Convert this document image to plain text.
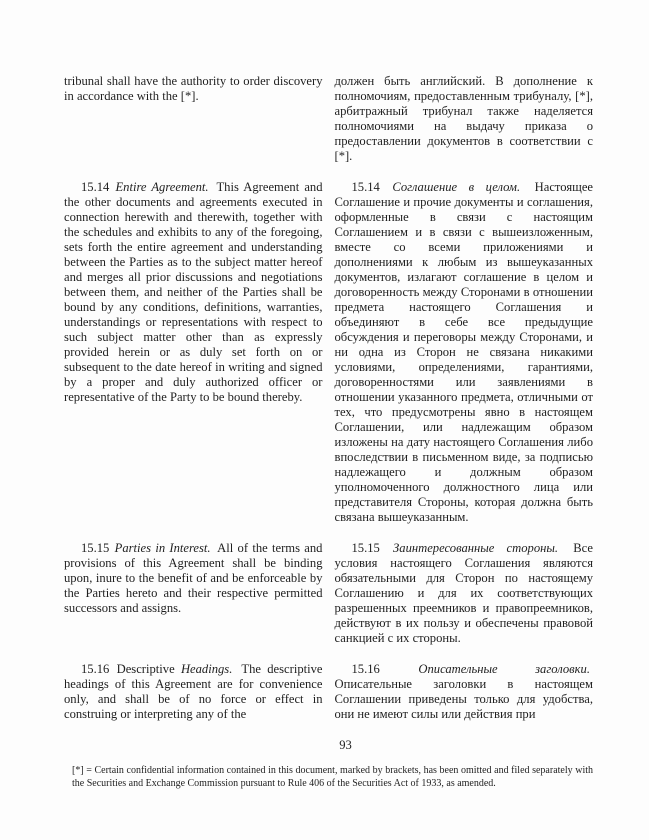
tribunal shall have the authority to order discovery in accordance with the [*].

должен быть английский. В дополнение к полномочиям, предоставленным трибуналу, [*], арбитражный трибунал также наделяется полномочиями на выдачу приказа о предоставлении документов в соответствии с [*].

15.14 Entire Agreement. This Agreement and the other documents and agreements executed in connection herewith and therewith, together with the schedules and exhibits to any of the foregoing, sets forth the entire agreement and understanding between the Parties as to the subject matter hereof and merges all prior discussions and negotiations between them, and neither of the Parties shall be bound by any conditions, definitions, warranties, understandings or representations with respect to such subject matter other than as expressly provided herein or as duly set forth on or subsequent to the date hereof in writing and signed by a proper and duly authorized officer or representative of the Party to be bound thereby.

15.14 Соглашение в целом. Настоящее Соглашение и прочие документы и соглашения, оформленные в связи с настоящим Соглашением и в связи с вышеизложенным, вместе со всеми приложениями и дополнениями к любым из вышеуказанных документов, излагают соглашение в целом и договоренность между Сторонами в отношении предмета настоящего Соглашения и объединяют в себе все предыдущие обсуждения и переговоры между Сторонами, и ни одна из Сторон не связана никакими условиями, определениями, гарантиями, договоренностями или заявлениями в отношении указанного предмета, отличными от тех, что предусмотрены явно в настоящем Соглашении, или надлежащим образом изложены на дату настоящего Соглашения либо впоследствии в письменном виде, за подписью надлежащего и должным образом уполномоченного должностного лица или представителя Стороны, которая должна быть связана вышеуказанным.

15.15 Parties in Interest. All of the terms and provisions of this Agreement shall be binding upon, inure to the benefit of and be enforceable by the Parties hereto and their respective permitted successors and assigns.

15.15 Заинтересованные стороны. Все условия настоящего Соглашения являются обязательными для Сторон по настоящему Соглашению и для их соответствующих разрешенных преемников и правопреемников, действуют в их пользу и обеспечены правовой санкцией с их стороны.

15.16 Descriptive Headings. The descriptive headings of this Agreement are for convenience only, and shall be of no force or effect in construing or interpreting any of the

15.16	Описательные заголовки. Описательные заголовки в настоящем Соглашении приведены только для удобства, они не имеют силы или действия при

93

[*] = Certain confidential information contained in this document, marked by brackets, has been omitted and filed separately with the Securities and Exchange Commission pursuant to Rule 406 of the Securities Act of 1933, as amended.
